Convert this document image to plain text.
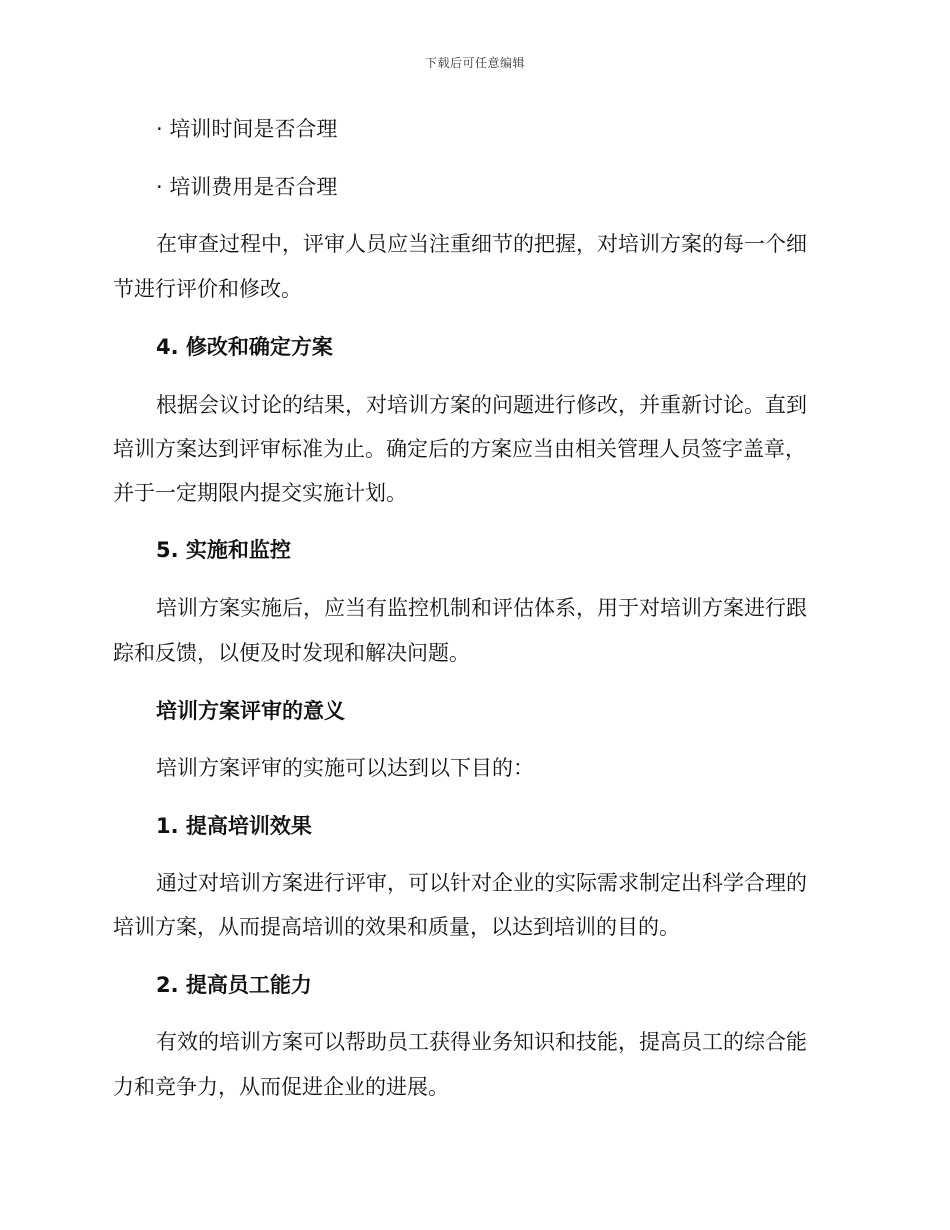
下载后可任意编辑
· 培训时间是否合理
· 培训费用是否合理
在审查过程中，评审人员应当注重细节的把握，对培训方案的每一个细
节进行评价和修改。
4. 修改和确定方案
根据会议讨论的结果，对培训方案的问题进行修改，并重新讨论。直到
培训方案达到评审标准为止。确定后的方案应当由相关管理人员签字盖章，
并于一定期限内提交实施计划。
5. 实施和监控
培训方案实施后，应当有监控机制和评估体系，用于对培训方案进行跟
踪和反馈，以便及时发现和解决问题。
培训方案评审的意义
培训方案评审的实施可以达到以下目的：
1. 提高培训效果
通过对培训方案进行评审，可以针对企业的实际需求制定出科学合理的
培训方案，从而提高培训的效果和质量，以达到培训的目的。
2. 提高员工能力
有效的培训方案可以帮助员工获得业务知识和技能，提高员工的综合能
力和竞争力，从而促进企业的进展。
